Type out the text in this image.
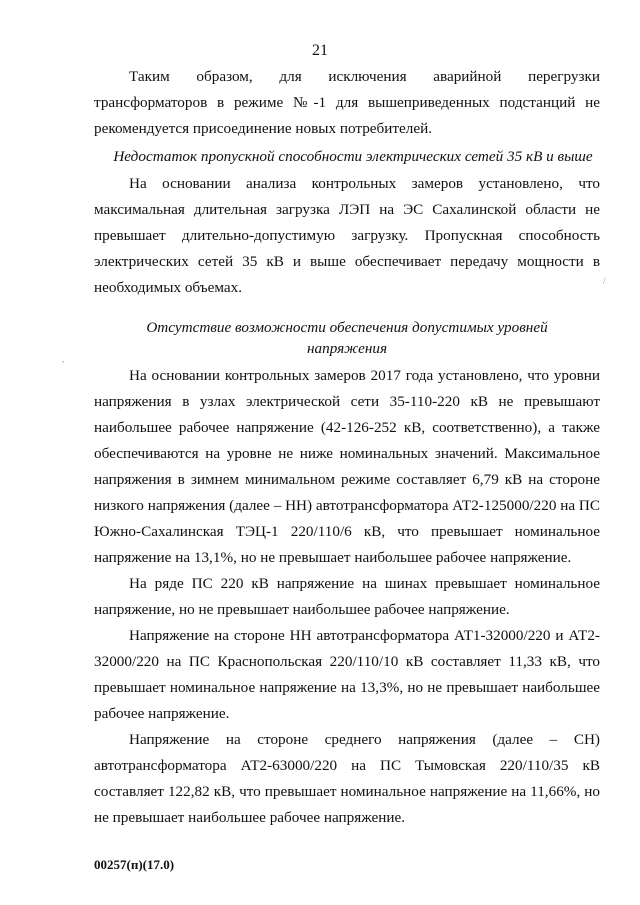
21

Таким образом, для исключения аварийной перегрузки трансформаторов в режиме №-1 для вышеприведенных подстанций не рекомендуется присоединение новых потребителей.

Недостаток пропускной способности электрических сетей 35 кВ и выше

На основании анализа контрольных замеров установлено, что максимальная длительная загрузка ЛЭП на ЭС Сахалинской области не превышает длительно-допустимую загрузку. Пропускная способность электрических сетей 35 кВ и выше обеспечивает передачу мощности в необходимых объемах.

Отсутствие возможности обеспечения допустимых уровней напряжения

На основании контрольных замеров 2017 года установлено, что уровни напряжения в узлах электрической сети 35-110-220 кВ не превышают наибольшее рабочее напряжение (42-126-252 кВ, соответственно), а также обеспечиваются на уровне не ниже номинальных значений. Максимальное напряжения в зимнем минимальном режиме составляет 6,79 кВ на стороне низкого напряжения (далее – НН) автотрансформатора АТ2-125000/220 на ПС Южно-Сахалинская ТЭЦ-1 220/110/6 кВ, что превышает номинальное напряжение на 13,1%, но не превышает наибольшее рабочее напряжение.

На ряде ПС 220 кВ напряжение на шинах превышает номинальное напряжение, но не превышает наибольшее рабочее напряжение.

Напряжение на стороне НН автотрансформатора АТ1-32000/220 и АТ2-32000/220 на ПС Краснопольская 220/110/10 кВ составляет 11,33 кВ, что превышает номинальное напряжение на 13,3%, но не превышает наибольшее рабочее напряжение.

Напряжение на стороне среднего напряжения (далее – СН) автотрансформатора АТ2-63000/220 на ПС Тымовская 220/110/35 кВ составляет 122,82 кВ, что превышает номинальное напряжение на 11,66%, но не превышает наибольшее рабочее напряжение.

00257(п)(17.0)
/
,
